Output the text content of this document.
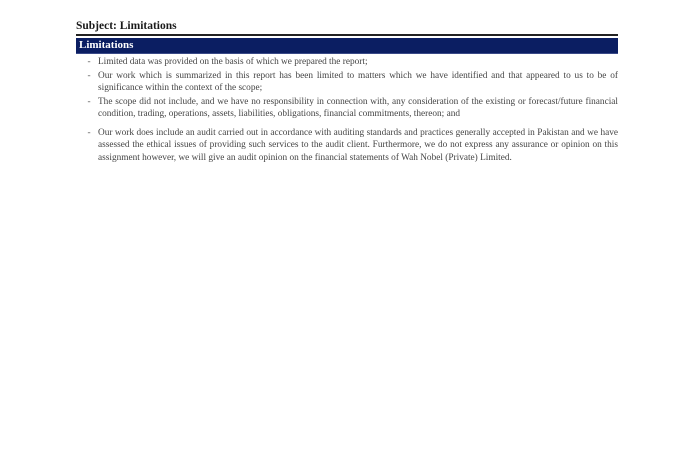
Subject: Limitations
Limitations
- Limited data was provided on the basis of which we prepared the report;
- Our work which is summarized in this report has been limited to matters which we have identified and that appeared to us to be of significance within the context of the scope;
- The scope did not include, and we have no responsibility in connection with, any consideration of the existing or forecast/future financial condition, trading, operations, assets, liabilities, obligations, financial commitments, thereon; and
- Our work does include an audit carried out in accordance with auditing standards and practices generally accepted in Pakistan and we have assessed the ethical issues of providing such services to the audit client. Furthermore, we do not express any assurance or opinion on this assignment however, we will give an audit opinion on the financial statements of Wah Nobel (Private) Limited.
